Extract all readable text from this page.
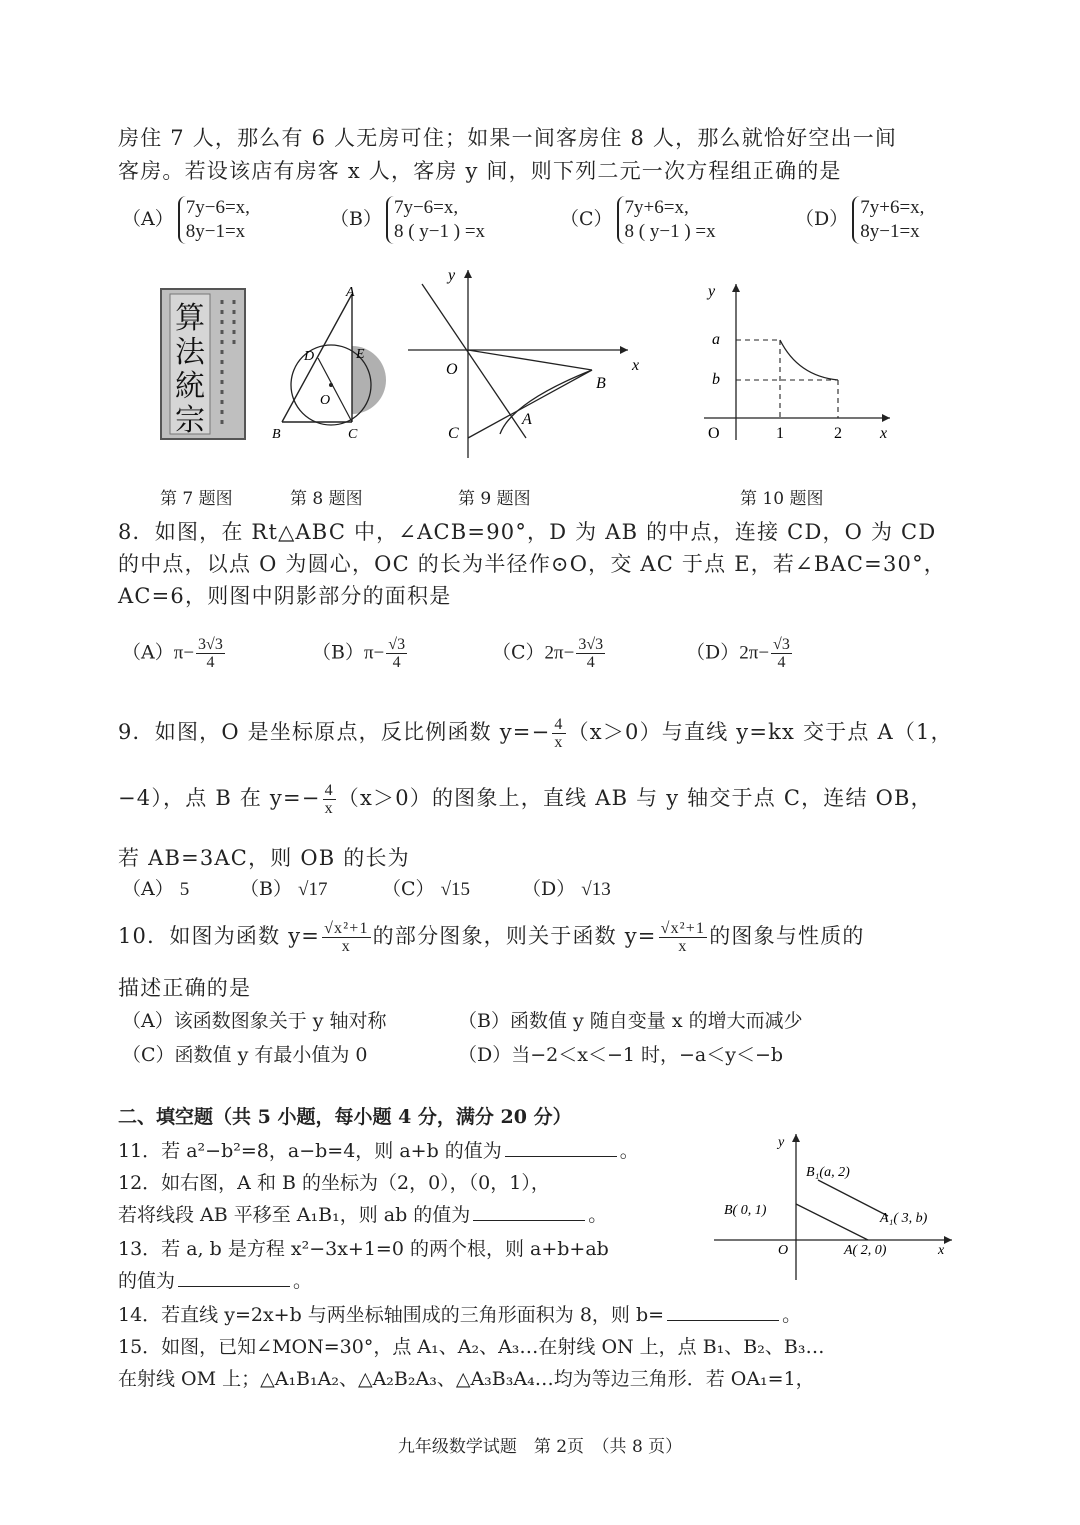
房住 7 人，那么有 6 人无房可住；如果一间客房住 8 人，那么就恰好空出一间
客房。若设该店有房客 x 人，客房 y 间，则下列二元一次方程组正确的是
（A）7y−6=x,
8y−1=x
（B）7y−6=x,
8 ( y−1 ) =x
（C）7y+6=x,
8 ( y−1 ) =x
（D）7y+6=x,
8y−1=x
算
法
統
宗
A
D	E
O
B	C
y
x
O
B
C
A
y
a
b
O	1	2 x
第 7 题图	第 8 题图	第 9 题图	第 10 题图
8．如图，在 Rt△ABC 中，∠ACB=90°，D 为 AB 的中点，连接 CD，O 为 CD
的中点，以点 O 为圆心，OC 的长为半径作⊙O，交 AC 于点 E，若∠BAC=30°，
AC=6，则图中阴影部分的面积是
$(A)\pi- \frac{3√3}{4}$	$(B)\pi- \frac{√3}{4}$	$(C)2\pi- \frac{3√3}{4}$	$(D)2\pi- \frac{√3}{4}$
9．如图，O 是坐标原点，反比例函数 $y=- \frac{4}{x} (x>0)$与直线 y=kx 交于点 A（1，
−4），点 B 在 $y=- \frac{4}{x} (x>0)$的图象上，直线 AB 与 y 轴交于点 C，连结 OB，
若 AB=3AC，则 OB 的长为
（A） 5	（B） √17	（C） √15	（D） √13
10．如图为函数 $y= \frac{\text{√x²+1}}{x}$ 的部分图象，则关于函数 $y= \frac{\text{√x²+1}}{x}$ 的图象与性质的
描述正确的是
（A）该函数图象关于 y 轴对称	（B）函数值 y 随自变量 x 的增大而减少
（C）函数值 y 有最小值为 0	（D）当−2＜x＜−1 时，−a＜y＜−b
二、填空题（共 5 小题，每小题 4 分，满分 20 分）
11．若 a²−b²=8，a−b=4，则 a+b 的值为	。
12．如右图，A 和 B 的坐标为（2，0），（0，1），
若将线段 AB 平移至 A₁B₁，则 ab 的值为	。
13．若 a, b 是方程 x²−3x+1=0 的两个根，则 a+b+ab
的值为	。
14．若直线 y=2x+b 与两坐标轴围成的三角形面积为 8，则 b=	。
15．如图，已知∠MON=30°，点 A₁、A₂、A₃…在射线 ON 上，点 B₁、B₂、B₃…
在射线 OM 上；△A₁B₁A₂、△A₂B₂A₃、△A₃B₃A₄…均为等边三角形．若 OA₁=1，
y
B₁(a, 2)
B( 0, 1)
A₁( 3, b)
O	A( 2, 0)	x
九年级数学试题　第 2页　（共 8 页）
